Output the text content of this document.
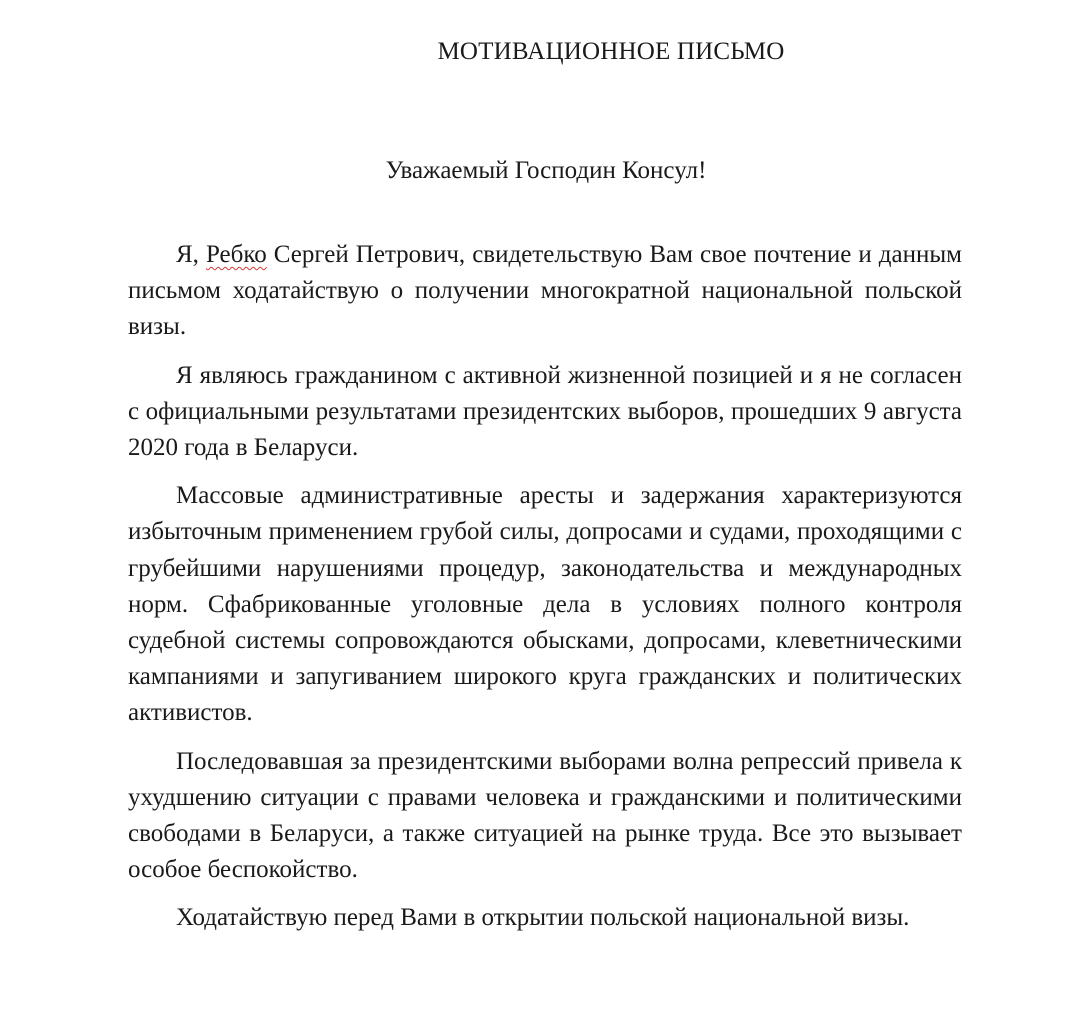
МОТИВАЦИОННОЕ ПИСЬМО

Уважаемый Господин Консул!

Я, Ребко Сергей Петрович, свидетельствую Вам свое почтение и данным письмом ходатайствую о получении многократной национальной польской визы.

Я являюсь гражданином с активной жизненной позицией и я не согласен с официальными результатами президентских выборов, прошедших 9 августа 2020 года в Беларуси.

Массовые административные аресты и задержания характеризуются избыточным применением грубой силы, допросами и судами, проходящими с грубейшими нарушениями процедур, законодательства и международных норм. Сфабрикованные уголовные дела в условиях полного контроля судебной системы сопровождаются обысками, допросами, клеветническими кампаниями и запугиванием широкого круга гражданских и политических активистов.

Последовавшая за президентскими выборами волна репрессий привела к ухудшению ситуации с правами человека и гражданскими и политическими свободами в Беларуси, а также ситуацией на рынке труда. Все это вызывает особое беспокойство.

Ходатайствую перед Вами в открытии польской национальной визы.
